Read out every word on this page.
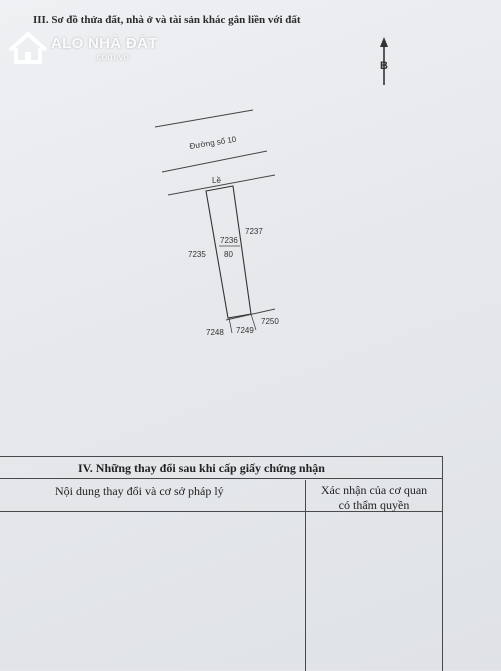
III. Sơ đồ thửa đất, nhà ở và tài sản khác gắn liền với đất
ALO NHÀ ĐẤT
.com.vn
B
Đường số 10
Lề
7236
80
7235
7237
7248 7249
7250
IV. Những thay đổi sau khi cấp giấy chứng nhận
Nội dung thay đổi và cơ sở pháp lý	Xác nhận của cơ quan
có thẩm quyền
